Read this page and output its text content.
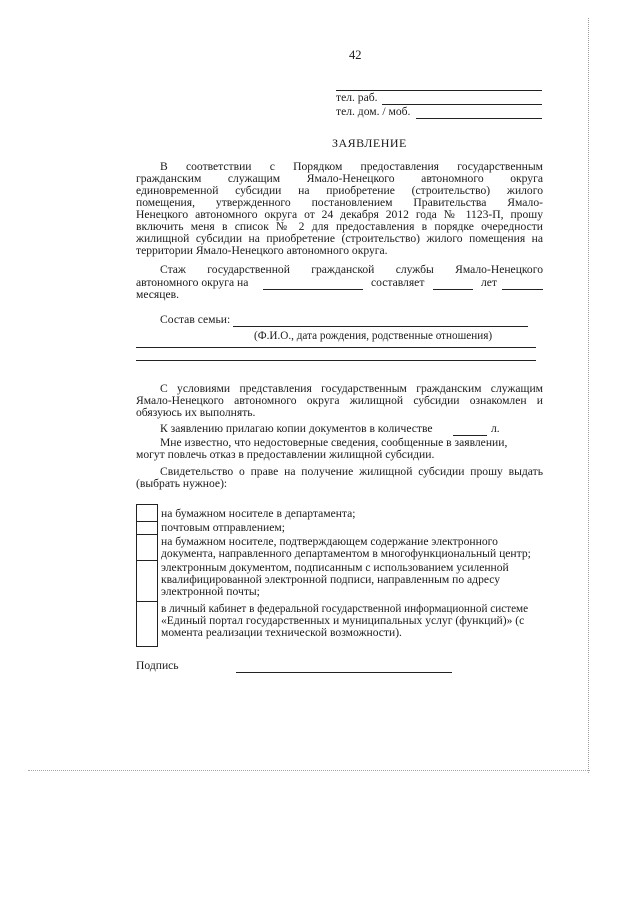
42
тел. раб.
тел. дом. / моб.
ЗАЯВЛЕНИЕ
В соответствии с Порядком предоставления государственным
гражданским служащим Ямало-Ненецкого автономного округа
единовременной субсидии на приобретение (строительство) жилого
помещения, утвержденного постановлением Правительства Ямало-
Ненецкого автономного округа от 24 декабря 2012 года № 1123-П, прошу
включить меня в список № 2 для предоставления в порядке очередности
жилищной субсидии на приобретение (строительство) жилого помещения на
территории Ямало-Ненецкого автономного округа.
Стаж государственной гражданской службы Ямало-Ненецкого
автономного округа на	составляет	лет
месяцев.
Состав семьи:
(Ф.И.О., дата рождения, родственные отношения)
С условиями представления государственным гражданским служащим
Ямало-Ненецкого автономного округа жилищной субсидии ознакомлен и
обязуюсь их выполнять.
К заявлению прилагаю копии документов в количестве	л.
Мне известно, что недостоверные сведения, сообщенные в заявлении,
могут повлечь отказ в предоставлении жилищной субсидии.
Свидетельство о праве на получение жилищной субсидии прошу выдать
(выбрать нужное):
на бумажном носителе в департамента;
почтовым отправлением;
на бумажном носителе, подтверждающем содержание электронного
документа, направленного департаментом в многофункциональный центр;
электронным документом, подписанным с использованием усиленной
квалифицированной электронной подписи, направленным по адресу
электронной почты;
в личный кабинет в федеральной государственной информационной системе
«Единый портал государственных и муниципальных услуг (функций)» (с
момента реализации технической возможности).
Подпись
